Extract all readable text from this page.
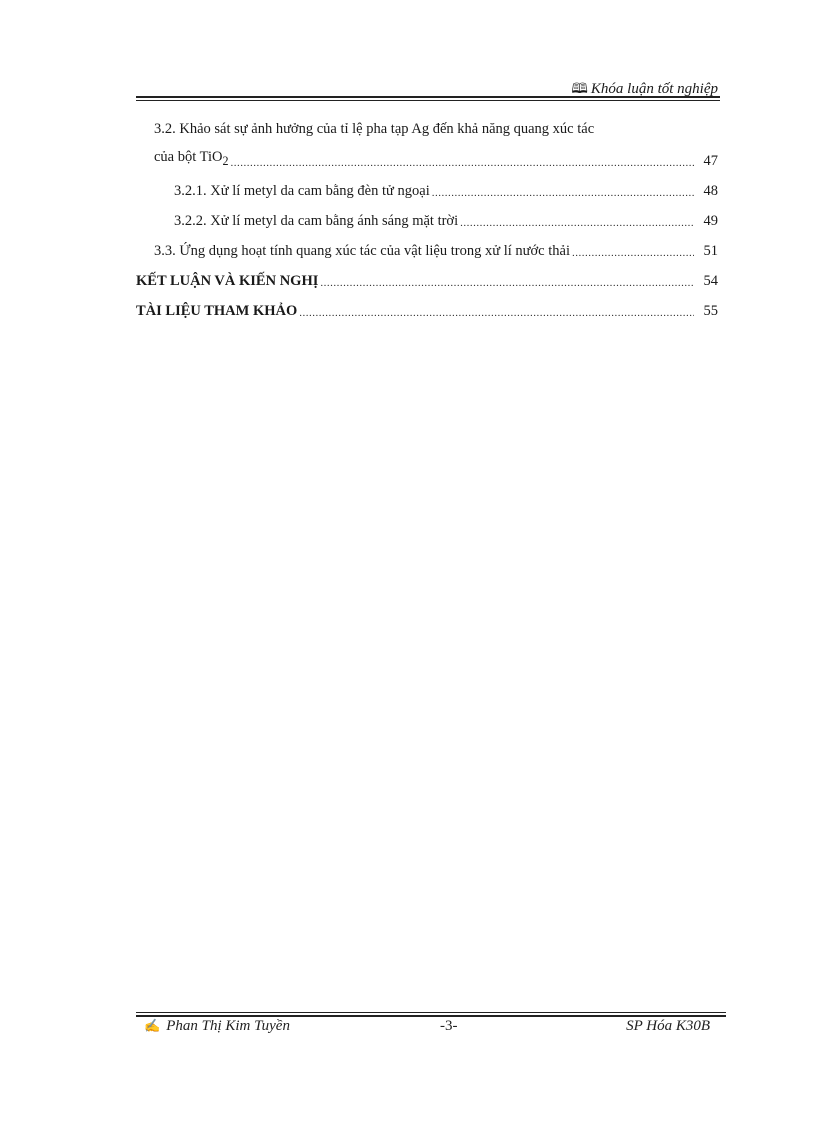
🕮 Khóa luận tốt nghiệp
3.2. Khảo sát sự ảnh hưởng của tỉ lệ pha tạp Ag đến khả năng quang xúc tác
của bột TiO$_2$ .....	47
3.2.1. Xử lí metyl da cam bằng đèn tử ngoại .....	48
3.2.2. Xử lí metyl da cam bằng ánh sáng mặt trời .....	49
3.3. Ứng dụng hoạt tính quang xúc tác của vật liệu trong xử lí nước thải .....	51
KẾT LUẬN VÀ KIẾN NGHỊ .....	54
TÀI LIỆU THAM KHẢO .....	55
✍ Phan Thị Kim Tuyền	-3-	SP Hóa K30B
